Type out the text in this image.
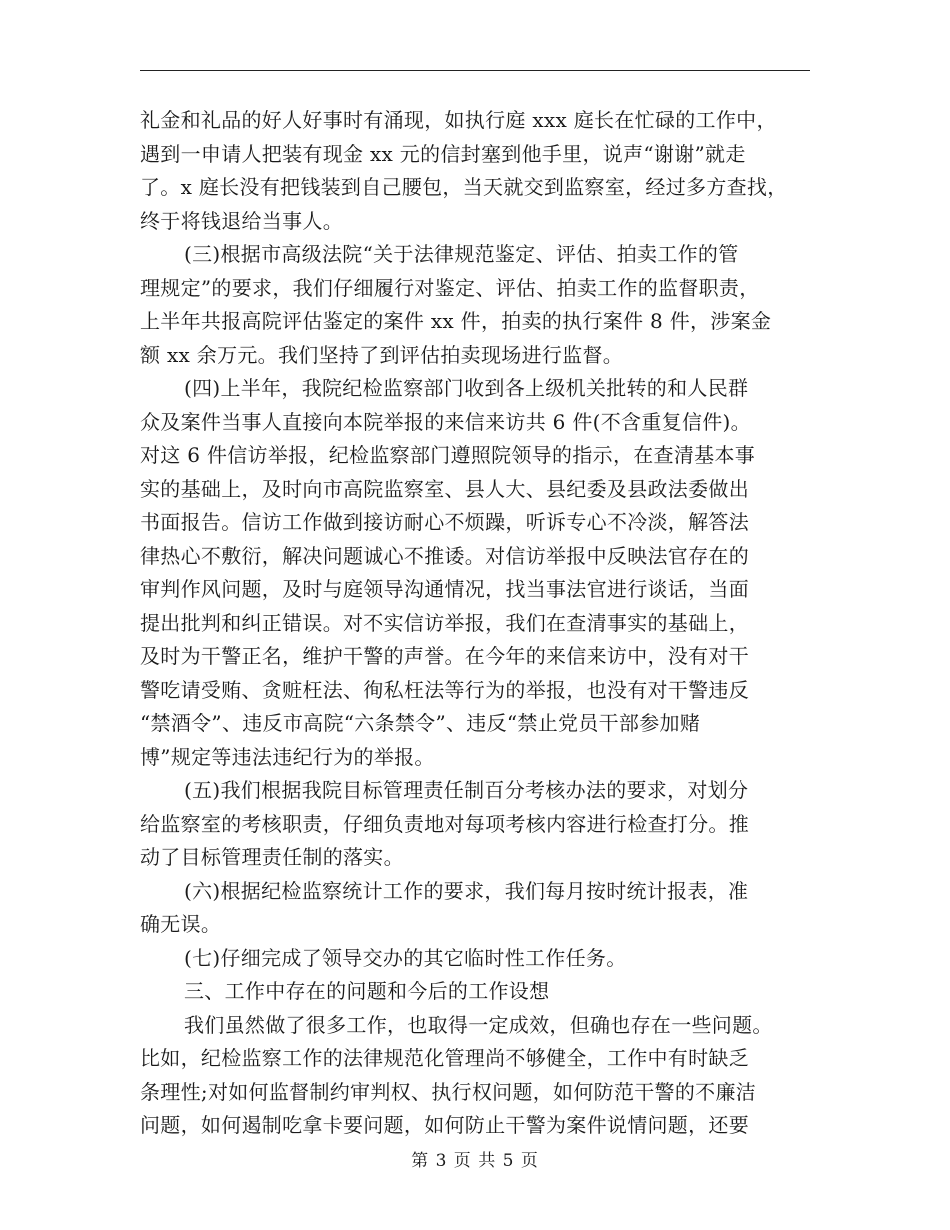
礼金和礼品的好人好事时有涌现，如执行庭 xxx 庭长在忙碌的工作中，
遇到一申请人把装有现金 xx 元的信封塞到他手里，说声“谢谢”就走
了。x 庭长没有把钱装到自己腰包，当天就交到监察室，经过多方查找，
终于将钱退给当事人。
(三)根据市高级法院“关于法律规范鉴定、评估、拍卖工作的管
理规定”的要求，我们仔细履行对鉴定、评估、拍卖工作的监督职责，
上半年共报高院评估鉴定的案件 xx 件，拍卖的执行案件 8 件，涉案金
额 xx 余万元。我们坚持了到评估拍卖现场进行监督。
(四)上半年，我院纪检监察部门收到各上级机关批转的和人民群
众及案件当事人直接向本院举报的来信来访共 6 件(不含重复信件)。
对这 6 件信访举报，纪检监察部门遵照院领导的指示，在查清基本事
实的基础上，及时向市高院监察室、县人大、县纪委及县政法委做出
书面报告。信访工作做到接访耐心不烦躁，听诉专心不冷淡，解答法
律热心不敷衍，解决问题诚心不推诿。对信访举报中反映法官存在的
审判作风问题，及时与庭领导沟通情况，找当事法官进行谈话，当面
提出批判和纠正错误。对不实信访举报，我们在查清事实的基础上，
及时为干警正名，维护干警的声誉。在今年的来信来访中，没有对干
警吃请受贿、贪赃枉法、徇私枉法等行为的举报，也没有对干警违反
“禁酒令”、违反市高院“六条禁令”、违反“禁止党员干部参加赌
博”规定等违法违纪行为的举报。
(五)我们根据我院目标管理责任制百分考核办法的要求，对划分
给监察室的考核职责，仔细负责地对每项考核内容进行检查打分。推
动了目标管理责任制的落实。
(六)根据纪检监察统计工作的要求，我们每月按时统计报表，准
确无误。
(七)仔细完成了领导交办的其它临时性工作任务。
三、工作中存在的问题和今后的工作设想
我们虽然做了很多工作，也取得一定成效，但确也存在一些问题。
比如，纪检监察工作的法律规范化管理尚不够健全，工作中有时缺乏
条理性;对如何监督制约审判权、执行权问题，如何防范干警的不廉洁
问题，如何遏制吃拿卡要问题，如何防止干警为案件说情问题，还要
第 3 页 共 5 页
